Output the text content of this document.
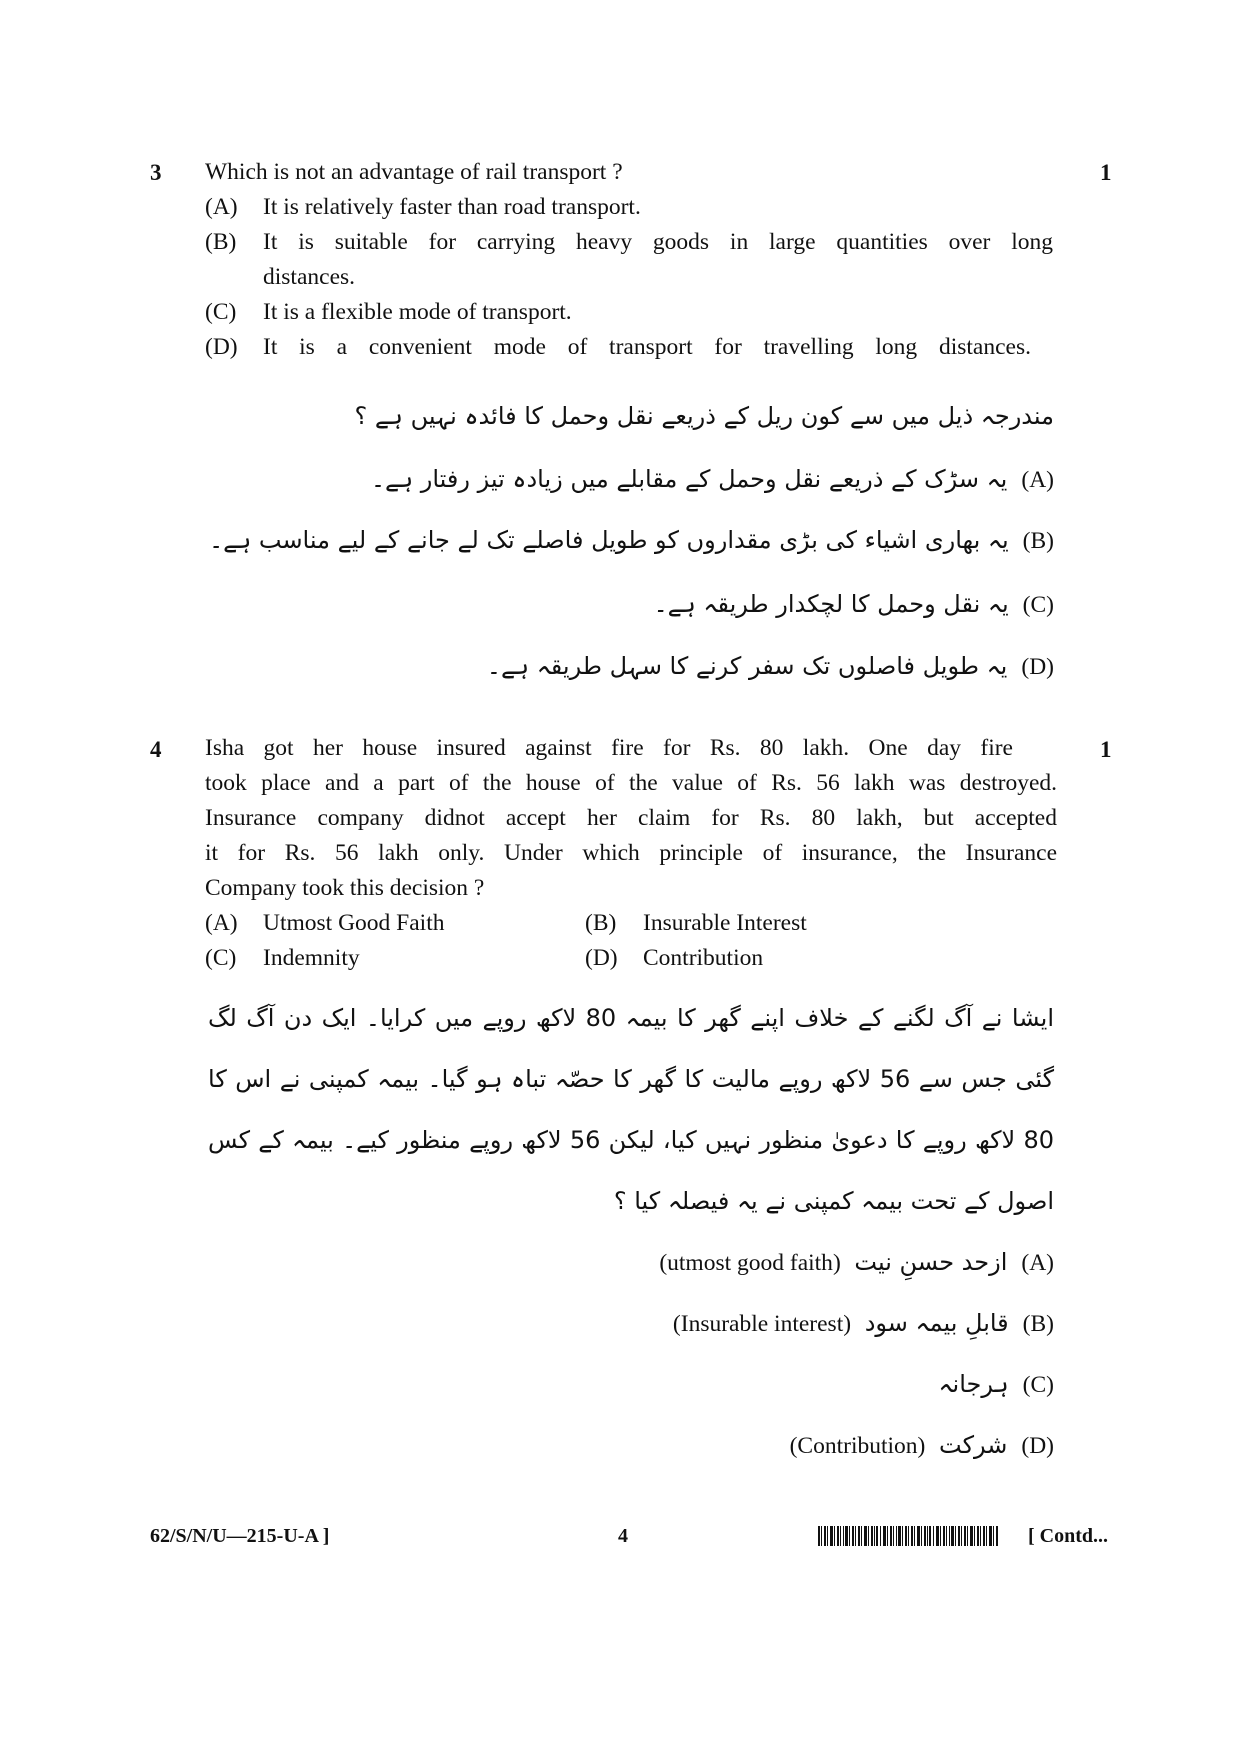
3	1
Which is not an advantage of rail transport ?
(A) It is relatively faster than road transport.
(B) It is suitable for carrying heavy goods in large quantities over long
distances.
(C) It is a flexible mode of transport.
(D) It is a convenient mode of transport for travelling long distances.
مندرجہ ذیل میں سے کون ریل کے ذریعے نقل وحمل کا فائدہ نہیں ہے ؟
(A)یہ سڑک کے ذریعے نقل وحمل کے مقابلے میں زیادہ تیز رفتار ہے۔
(B)یہ بھاری اشیاء کی بڑی مقداروں کو طویل فاصلے تک لے جانے کے لیے مناسب ہے۔
(C)یہ نقل وحمل کا لچکدار طریقہ ہے۔
(D)یہ طویل فاصلوں تک سفر کرنے کا سہل طریقہ ہے۔
4	1
Isha got her house insured against fire for Rs. 80 lakh. One day fire
took place and a part of the house of the value of Rs. 56 lakh was destroyed.
Insurance company didnot accept her claim for Rs. 80 lakh, but accepted
it for Rs. 56 lakh only. Under which principle of insurance, the Insurance
Company took this decision ?
(A) Utmost Good Faith	(B) Insurable Interest
(C) Indemnity	(D) Contribution
ایشا نے آگ لگنے کے خلاف اپنے گھر کا بیمہ 80 لاکھ روپے میں کرایا۔ ایک دن آگ لگ گئی جس سے 56 لاکھ روپے مالیت کا گھر کا حصّہ تباہ ہو گیا۔ بیمہ کمپنی نے اس کا 80 لاکھ روپے کا دعویٰ منظور نہیں کیا، لیکن 56 لاکھ روپے منظور کیے۔ بیمہ کے کس اصول کے تحت بیمہ کمپنی نے یہ فیصلہ کیا ؟
(A)ازحد حسنِ نیت (utmost good faith)
(B)قابلِ بیمہ سود (Insurable interest)
(C)ہرجانہ
(D)شرکت (Contribution)
62/S/N/U—215-U-A ]	4	[ Contd...
